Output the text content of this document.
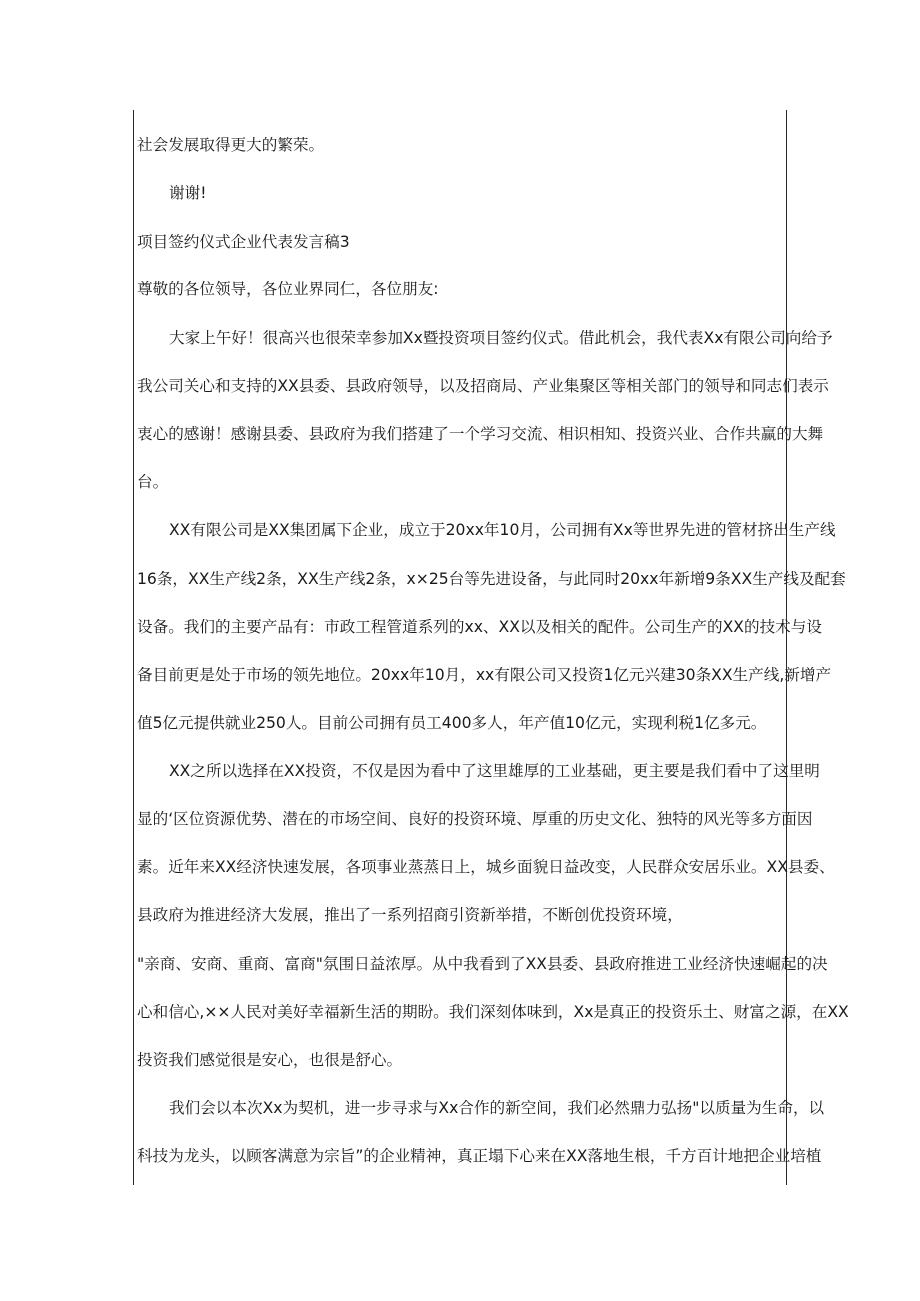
社会发展取得更大的繁荣。
谢谢!
项目签约仪式企业代表发言稿3
尊敬的各位领导，各位业界同仁，各位朋友:
大家上午好！很高兴也很荣幸参加Xx暨投资项目签约仪式。借此机会，我代表Xx有限公司向给予
我公司关心和支持的XX县委、县政府领导，以及招商局、产业集聚区等相关部门的领导和同志们表示
衷心的感谢！感谢县委、县政府为我们搭建了一个学习交流、相识相知、投资兴业、合作共赢的大舞
台。
XX有限公司是XX集团属下企业，成立于20xx年10月，公司拥有Xx等世界先进的管材挤出生产线
16条，XX生产线2条，XX生产线2条，x×25台等先进设备，与此同时20xx年新增9条XX生产线及配套
设备。我们的主要产品有：市政工程管道系列的xx、XX以及相关的配件。公司生产的XX的技术与设
备目前更是处于市场的领先地位。20xx年10月，xx有限公司又投资1亿元兴建30条XX生产线,新增产
值5亿元提供就业250人。目前公司拥有员工400多人，年产值10亿元，实现利税1亿多元。
XX之所以选择在XX投资，不仅是因为看中了这里雄厚的工业基础，更主要是我们看中了这里明
显的‘区位资源优势、潜在的市场空间、良好的投资环境、厚重的历史文化、独特的风光等多方面因
素。近年来XX经济快速发展，各项事业蒸蒸日上，城乡面貌日益改变，人民群众安居乐业。XX县委、
县政府为推进经济大发展，推出了一系列招商引资新举措，不断创优投资环境，
"亲商、安商、重商、富商"氛围日益浓厚。从中我看到了XX县委、县政府推进工业经济快速崛起的决
心和信心,××人民对美好幸福新生活的期盼。我们深刻体味到，Xx是真正的投资乐土、财富之源，在XX
投资我们感觉很是安心，也很是舒心。
我们会以本次Xx为契机，进一步寻求与Xx合作的新空间，我们必然鼎力弘扬"以质量为生命，以
科技为龙头，以顾客满意为宗旨”的企业精神，真正塌下心来在XX落地生根，千方百计地把企业培植
